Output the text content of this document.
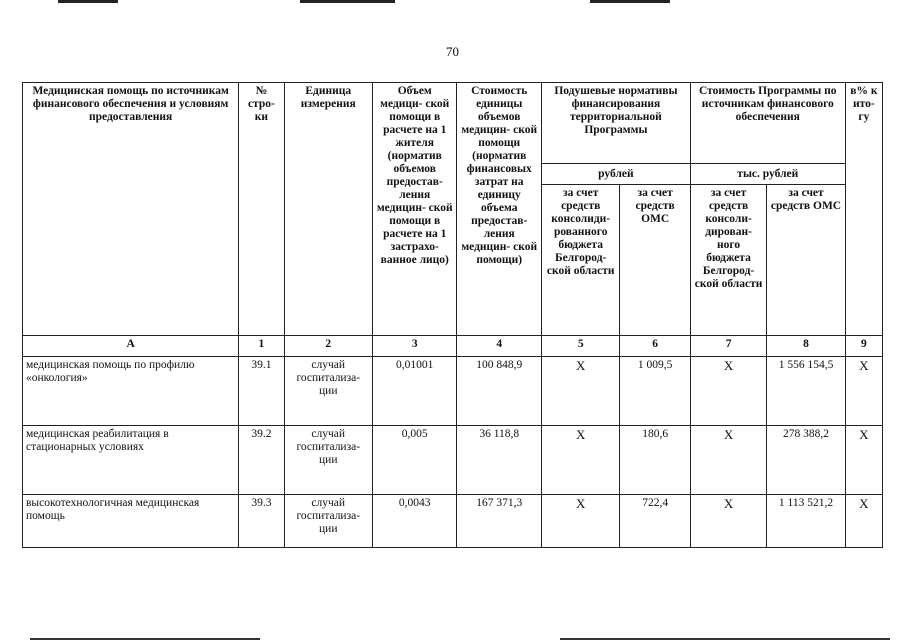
70
Медицинская помощь по источникам финансового обеспечения и условиям предоставления	№ стро- ки	Единица измерения	Объем медици- ской помощи в расчете на 1 жителя (норматив объемов предостав- ления медицин- ской помощи в расчете на 1 застрахо- ванное лицо)	Стоимость единицы объемов медицин- ской помощи (норматив финансовых затрат на единицу объема предостав- ления медицин- ской помощи)	Подушевые нормативы финансирования территориальной Программы		Стоимость Программы по источникам финансового обеспечения		в% к ито- гу
					рублей		тыс. рублей		
					за счет средств консолиди- рованного бюджета Белгород- ской области	за счет средств ОМС	за счет средств консоли- дирован- ного бюджета Белгород- ской области	за счет средств ОМС	
А	1	2	3	4	5	6	7	8	9
медицинская помощь по профилю «онкология»	39.1	случай госпитализа- ции	0,01001	100 848,9	X	1 009,5	X	1 556 154,5	X
медицинская реабилитация в стационарных условиях	39.2	случай госпитализа- ции	0,005	36 118,8	X	180,6	X	278 388,2	X
высокотехнологичная медицинская помощь	39.3	случай госпитализа- ции	0,0043	167 371,3	X	722,4	X	1 113 521,2	X
